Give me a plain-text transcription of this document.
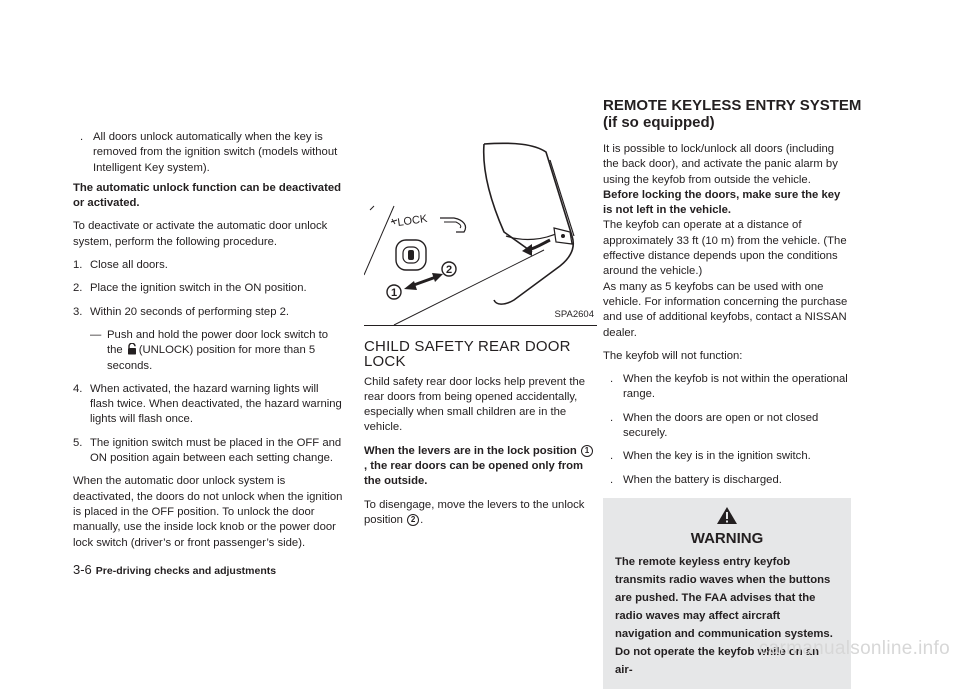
. All doors unlock automatically when the key is removed from the ignition switch (models without Intelligent Key system).

The automatic unlock function can be deactivated or activated.

To deactivate or activate the automatic door unlock system, perform the following procedure.

1. Close all doors.

2. Place the ignition switch in the ON position.

3. Within 20 seconds of performing step 2.

— Push and hold the power door lock switch to the (UNLOCK) position for more than 5 seconds.

4. When activated, the hazard warning lights will flash twice. When deactivated, the hazard warning lights will flash once.

5. The ignition switch must be placed in the OFF and ON position again between each setting change.

When the automatic door unlock system is deactivated, the doors do not unlock when the ignition is placed in the OFF position. To unlock the door manually, use the inside lock knob or the power door lock switch (driver’s or front passenger’s side).

LOCK
1
2
SPA2604

CHILD SAFETY REAR DOOR LOCK

Child safety rear door locks help prevent the rear doors from being opened accidentally, especially when small children are in the vehicle.

When the levers are in the lock position 1, the rear doors can be opened only from the outside.

To disengage, move the levers to the unlock position 2 .

REMOTE KEYLESS ENTRY SYSTEM
(if so equipped)

It is possible to lock/unlock all doors (including the back door), and activate the panic alarm by using the keyfob from outside the vehicle.

Before locking the doors, make sure the key is not left in the vehicle.

The keyfob can operate at a distance of approximately 33 ft (10 m) from the vehicle. (The effective distance depends upon the conditions around the vehicle.)

As many as 5 keyfobs can be used with one vehicle. For information concerning the purchase and use of additional keyfobs, contact a NISSAN dealer.

The keyfob will not function:

. When the keyfob is not within the operational range.

. When the doors are open or not closed securely.

. When the key is in the ignition switch.

. When the battery is discharged.

WARNING

The remote keyless entry keyfob transmits radio waves when the buttons are pushed. The FAA advises that the radio waves may affect aircraft navigation and communication systems. Do not operate the keyfob while on an air-

3-6 Pre-driving checks and adjustments
carmanualsonline.info
